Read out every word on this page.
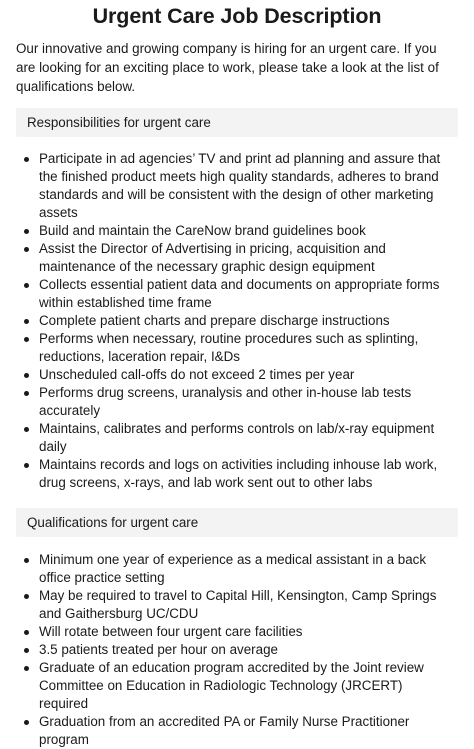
Urgent Care Job Description

Our innovative and growing company is hiring for an urgent care. If you are looking for an exciting place to work, please take a look at the list of qualifications below.

Responsibilities for urgent care
Participate in ad agencies’ TV and print ad planning and assure that the finished product meets high quality standards, adheres to brand standards and will be consistent with the design of other marketing assets
Build and maintain the CareNow brand guidelines book
Assist the Director of Advertising in pricing, acquisition and maintenance of the necessary graphic design equipment
Collects essential patient data and documents on appropriate forms within established time frame
Complete patient charts and prepare discharge instructions
Performs when necessary, routine procedures such as splinting, reductions, laceration repair, I&Ds
Unscheduled call-offs do not exceed 2 times per year
Performs drug screens, uranalysis and other in-house lab tests accurately
Maintains, calibrates and performs controls on lab/x-ray equipment daily
Maintains records and logs on activities including inhouse lab work, drug screens, x-rays, and lab work sent out to other labs
Qualifications for urgent care
Minimum one year of experience as a medical assistant in a back office practice setting
May be required to travel to Capital Hill, Kensington, Camp Springs and Gaithersburg UC/CDU
Will rotate between four urgent care facilities
3.5 patients treated per hour on average
Graduate of an education program accredited by the Joint review Committee on Education in Radiologic Technology (JRCERT) required
Graduation from an accredited PA or Family Nurse Practitioner program
